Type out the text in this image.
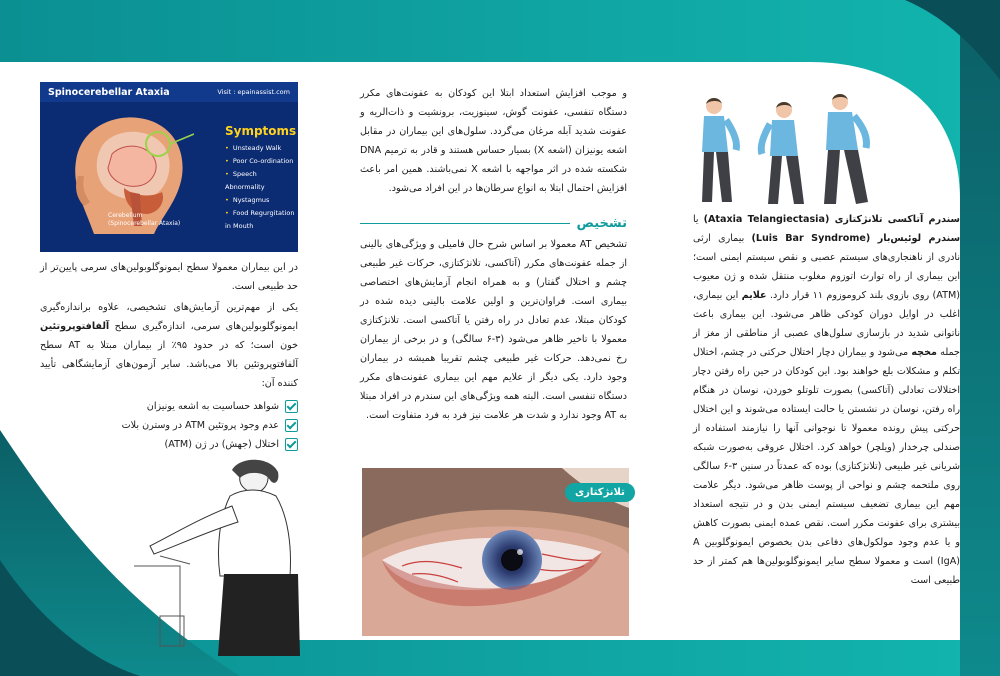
Spinocerebellar Ataxia	Visit : epainassist.com
Cerebellum
(Spinocerebellar Ataxia)
Symptoms
• Unsteady Walk
• Poor Co-ordination
• Speech Abnormality
• Nystagmus
• Food Regurgitation in Mouth

در این بیماران معمولا سطح ایمونوگلوبولین‌های سرمی پایین‌تر از حد طبیعی است.

یکی از مهم‌ترین آزمایش‌های تشخیصی، علاوه براندازه‌گیری ایمونوگلوبولین‌های سرمی، اندازه‌گیری سطح آلفافتوپروتئین خون است؛ که در حدود ۹۵٪ از بیماران مبتلا به AT سطح آلفافتوپروتئین بالا می‌باشد. سایر آزمون‌های آزمایشگاهی تأیید کننده‌ آن:

شواهد حساسیت به اشعه یونیزان
عدم وجود پروتئین ATM در وسترن بلات
اختلال (جهش) در ژن (ATM)

و موجب افزایش استعداد ابتلا این کودکان به عفونت‌های مکرر دستگاه تنفسی، عفونت گوش، سینوزیت، برونشیت و ذات‌الریه و عفونت شدید آبله مرغان می‌گردد. سلول‌های این بیماران در مقابل اشعه یونیزان (اشعه X) بسیار حساس هستند و قادر به ترمیم DNA شکسته شده در اثر مواجهه با اشعه X نمی‌باشند. همین امر باعث افزایش احتمال ابتلا به انواع سرطان‌ها در این افراد می‌شود.

تشخیص

تشخیص AT معمولا بر اساس شرح حال فامیلی و ویژگی‌های بالینی از جمله عفونت‌های مکرر (آتاکسی، تلانژکتازی، حرکات غیر طبیعی چشم و اختلال گفتار) و به همراه انجام آزمایش‌های اختصاصی بیماری است. فراوان‌ترین و اولین علامت بالینی دیده شده در کودکان مبتلا، عدم تعادل در راه رفتن یا آتاکسی است. تلانژکتازی معمولا با تاخیر ظاهر می‌شود (۳-۶ سالگی) و در برخی از بیماران رخ نمی‌دهد. حرکات غیر طبیعی چشم تقریبا همیشه در بیماران وجود دارد. یکی دیگر از علایم مهم این بیماری عفونت‌های مکرر دستگاه تنفسی است. البته همه ویژگی‌های این سندرم در افراد مبتلا به AT وجود ندارد و شدت هر علامت نیز فرد به فرد متفاوت است.

تلانژکتازی

سندرم آتاکسی تلانژکتازی (Ataxia Telangiectasia) یا سندرم لوئیس‌بار (Luis Bar Syndrome) بیماری ارثی نادری از ناهنجاری‌های سیستم عصبی و نقص سیستم ایمنی است؛ این بیماری از راه توارث اتوزوم مغلوب منتقل شده و ژن معیوب (ATM) روی بازوی بلند کروموزوم ۱۱ قرار دارد. علایم این بیماری، اغلب در اوایل دوران کودکی ظاهر می‌شود. این بیماری باعث ناتوانی شدید در بازسازی سلول‌های عصبی از مناطقی از مغز از جمله مخچه می‌شود و بیماران دچار اختلال حرکتی در چشم، اختلال تکلم و مشکلات بلع خواهند بود. این کودکان در حین راه رفتن دچار اختلالات تعادلی (آتاکسی) بصورت تلوتلو خوردن، نوسان در هنگام راه رفتن، نوسان در نشستن یا حالت ایستاده می‌شوند و این اختلال حرکتی پیش رونده معمولا تا نوجوانی آنها را نیازمند استفاده از صندلی چرخدار (ویلچر) خواهد کرد. اختلال عروقی به‌صورت شبکه شریانی غیر طبیعی (تلانژکتازی) بوده که عمدتاً در سنین ۳-۶ سالگی روی ملتحمه چشم و نواحی از پوست ظاهر می‌شود. دیگر علامت مهم این بیماری تضعیف سیستم ایمنی بدن و در نتیجه استعداد بیشتری برای عفونت مکرر است. نقص عمده ایمنی بصورت کاهش و یا عدم وجود مولکول‌های دفاعی بدن بخصوص ایمونوگلوبین A (IgA) است و معمولا سطح سایر ایمونوگلوبولین‌ها هم کمتر از حد طبیعی است
